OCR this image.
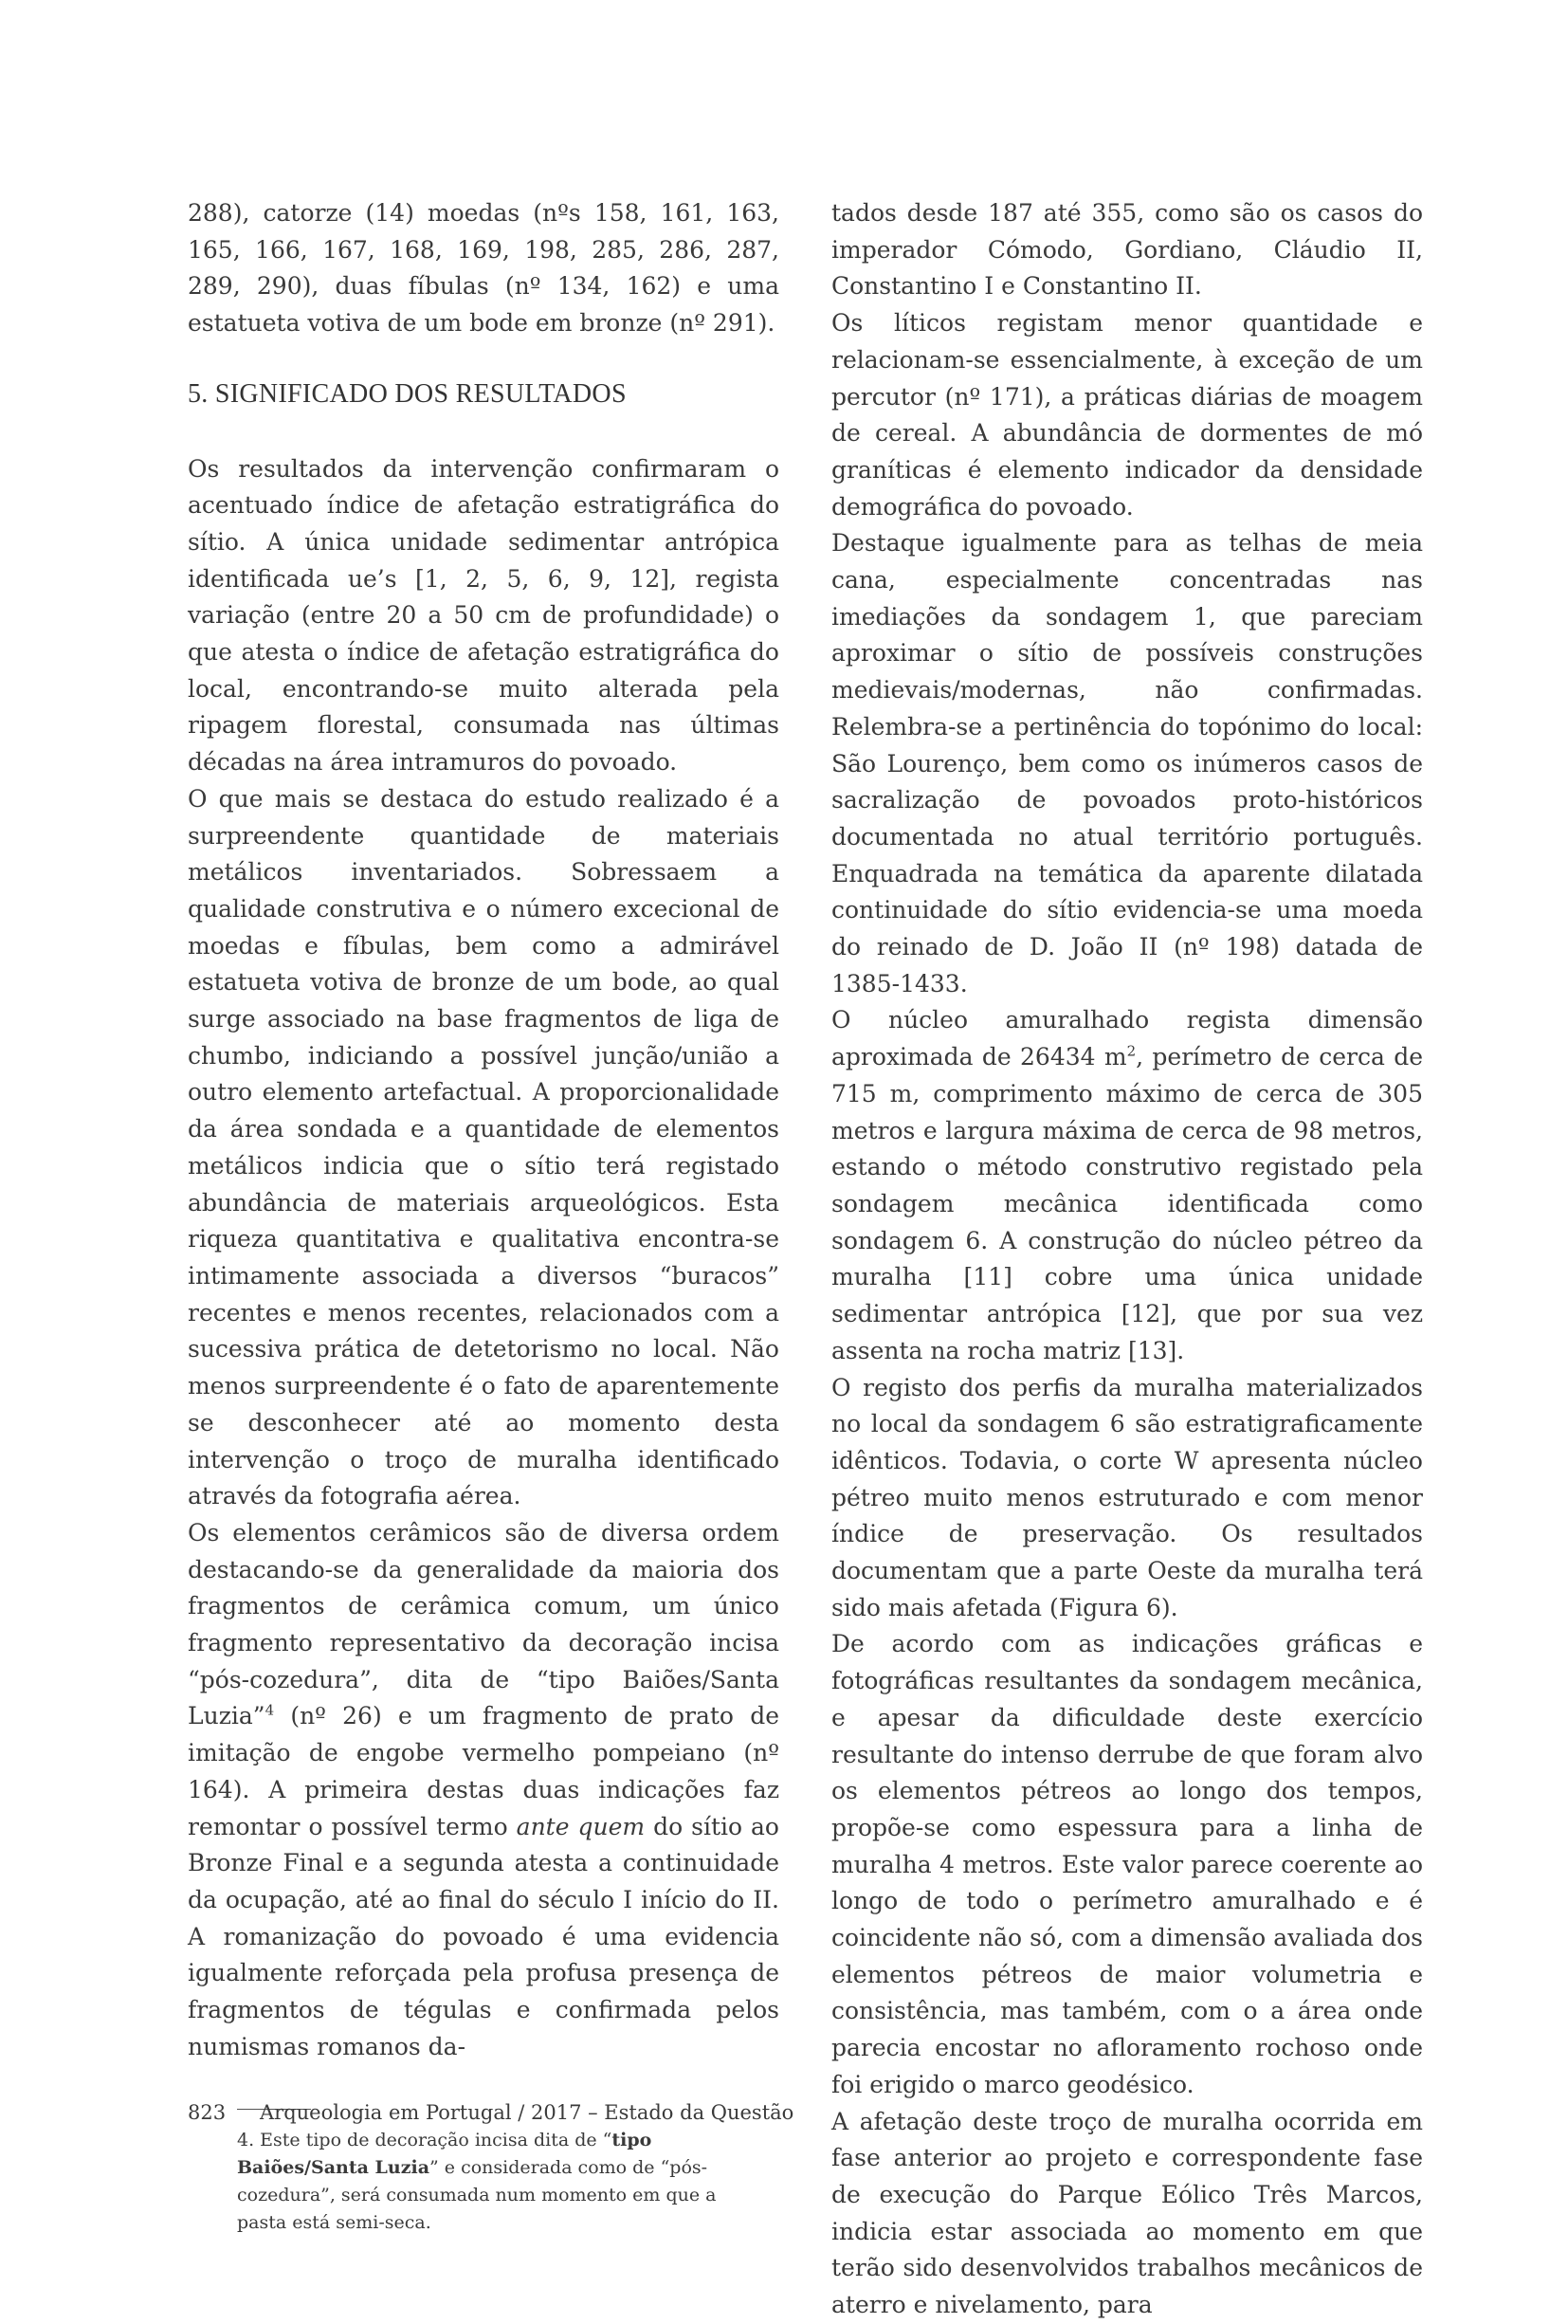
288), catorze (14) moedas (nºs 158, 161, 163, 165, 166, 167, 168, 169, 198, 285, 286, 287, 289, 290), duas fíbulas (nº 134, 162) e uma estatueta votiva de um bode em bronze (nº 291).

5. SIGNIFICADO DOS RESULTADOS

Os resultados da intervenção confirmaram o acentuado índice de afetação estratigráfica do sítio. A única unidade sedimentar antrópica identificada ue’s [1, 2, 5, 6, 9, 12], regista variação (entre 20 a 50 cm de profundidade) o que atesta o índice de afetação estratigráfica do local, encontrando-se muito alterada pela ripagem florestal, consumada nas últimas décadas na área intramuros do povoado.

O que mais se destaca do estudo realizado é a surpreendente quantidade de materiais metálicos inventariados. Sobressaem a qualidade construtiva e o número excecional de moedas e fíbulas, bem como a admirável estatueta votiva de bronze de um bode, ao qual surge associado na base fragmentos de liga de chumbo, indiciando a possível junção/união a outro elemento artefactual. A proporcionalidade da área sondada e a quantidade de elementos metálicos indicia que o sítio terá registado abundância de materiais arqueológicos. Esta riqueza quantitativa e qualitativa encontra-se intimamente associada a diversos “buracos” recentes e menos recentes, relacionados com a sucessiva prática de detetorismo no local. Não menos surpreendente é o fato de aparentemente se desconhecer até ao momento desta intervenção o troço de muralha identificado através da fotografia aérea.

Os elementos cerâmicos são de diversa ordem destacando-se da generalidade da maioria dos fragmentos de cerâmica comum, um único fragmento representativo da decoração incisa “pós-cozedura”, dita de “tipo Baiões/Santa Luzia”$^4$ (nº 26) e um fragmento de prato de imitação de engobe vermelho pompeiano (nº 164). A primeira destas duas indicações faz remontar o possível termo ante quem do sítio ao Bronze Final e a segunda atesta a continuidade da ocupação, até ao final do século I início do II. A romanização do povoado é uma evidencia igualmente reforçada pela profusa presença de fragmentos de tégulas e confirmada pelos numismas romanos da-

4. Este tipo de decoração incisa dita de “tipo Baiões/Santa Luzia” e considerada como de “pós-cozedura”, será consumada num momento em que a pasta está semi-seca.

tados desde 187 até 355, como são os casos do imperador Cómodo, Gordiano, Cláudio II, Constantino I e Constantino II.

Os líticos registam menor quantidade e relacionam-se essencialmente, à exceção de um percutor (nº 171), a práticas diárias de moagem de cereal. A abundância de dormentes de mó graníticas é elemento indicador da densidade demográfica do povoado.

Destaque igualmente para as telhas de meia cana, especialmente concentradas nas imediações da sondagem 1, que pareciam aproximar o sítio de possíveis construções medievais/modernas, não confirmadas. Relembra-se a pertinência do topónimo do local: São Lourenço, bem como os inúmeros casos de sacralização de povoados proto-históricos documentada no atual território português. Enquadrada na temática da aparente dilatada continuidade do sítio evidencia-se uma moeda do reinado de D. João II (nº 198) datada de 1385-1433.

O núcleo amuralhado regista dimensão aproximada de 26434 $m^2$, perímetro de cerca de 715 m, comprimento máximo de cerca de 305 metros e largura máxima de cerca de 98 metros, estando o método construtivo registado pela sondagem mecânica identificada como sondagem 6. A construção do núcleo pétreo da muralha [11] cobre uma única unidade sedimentar antrópica [12], que por sua vez assenta na rocha matriz [13].

O registo dos perfis da muralha materializados no local da sondagem 6 são estratigraficamente idênticos. Todavia, o corte W apresenta núcleo pétreo muito menos estruturado e com menor índice de preservação. Os resultados documentam que a parte Oeste da muralha terá sido mais afetada (Figura 6).

De acordo com as indicações gráficas e fotográficas resultantes da sondagem mecânica, e apesar da dificuldade deste exercício resultante do intenso derrube de que foram alvo os elementos pétreos ao longo dos tempos, propõe-se como espessura para a linha de muralha 4 metros. Este valor parece coerente ao longo de todo o perímetro amuralhado e é coincidente não só, com a dimensão avaliada dos elementos pétreos de maior volumetria e consistência, mas também, com o a área onde parecia encostar no afloramento rochoso onde foi erigido o marco geodésico.

A afetação deste troço de muralha ocorrida em fase anterior ao projeto e correspondente fase de execução do Parque Eólico Três Marcos, indicia estar associada ao momento em que terão sido desenvolvidos trabalhos mecânicos de aterro e nivelamento, para

823 Arqueologia em Portugal / 2017 – Estado da Questão
